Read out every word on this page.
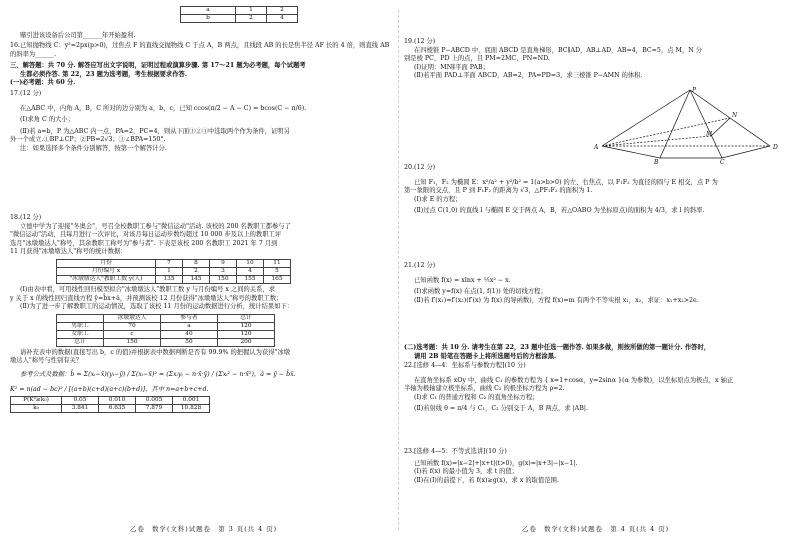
a	1	2
b	2	4

赌引进该设备后公司第______年开始盈利.

16.已知抛物线 C：y²=2px(p>0)，过焦点 F 的直线交抛物线 C 于点 A，B 两点，且线段 AB 的长是焦半径 AF 长的 4 倍，则直线 AB 的斜率为______.

三、解答题：共 70 分. 解答应写出文字说明，证明过程或演算步骤. 第 17～21 题为必考题，每个试题考

生都必须作答. 第 22，23 题为选考题，考生根据要求作答.

(一)必考题：共 60 分.

17.(12 分)

在△ABC 中，内角 A，B，C 所对的边分别为 a，b，c，已知 ccos(π/2 − A − C) = bcos(C − π/6).

(Ⅰ)求角 C 的大小；

(Ⅱ)若 a=b，P 为△ABC 内一点，PA=2，PC=4，则从下面①②③中选取两个作为条件，证明另

外一个成立.①BP⊥CP；②PB=2√3；③∠BPA=150°.

注：如果选择多个条件分别解答，按第一个解答计分.

18.(12 分)

立德中学为了迎接"冬奥会"，号召全校教职工参与"微信运动"活动. 该校的 200 名教职工都参与了

"微信运动"活动，且每月进行一次评比，对该月每日运动步数均超过 10 000 步及以上的教职工评

选月"冰墩墩达人"称号，其余教职工称号为"参与者". 下表是该校 200 名教职工 2021 年 7 月到

11 月获得"冰墩墩达人"称号的统计数据：

月份	7	8	9	10	11
月份编号 x	1	2	3	4	5
"冰墩墩达人"教职工数 y(人)	135	145	150	155	165

(Ⅰ)由表中看，可用线性回归模型拟合"冰墩墩达人"教职工数 y 与月份编号 x 之间的关系，求

y 关于 x 的线性回归直线方程 ŷ=b̂x+â，并预测该校 12 月份获得"冰墩墩达人"称号的教职工数；

(Ⅱ)为了进一步了解教职工的运动情况，选取了该校 11 月份的运动数据进行分析，统计结果如下：

	冰墩墩达人	参与者	总计
男职工	70	a	120
女职工	c	40	120
总计	150	50	200

请补充表中的数据(直接写出 b，c 的值)并根据表中数据判断是否有 99.9% 的把握认为获得"冰墩

墩达人"称号与性别有关？

参考公式及数据：b̂ = Σ(xᵢ−x̄)(yᵢ−ȳ) / Σ(xᵢ−x̄)² = (Σxᵢyᵢ − n·x̄·ȳ) / (Σxᵢ² − n·x̄²)，â = ȳ − b̂x̄.

K² = n(ad − bc)² / [(a+b)(c+d)(a+c)(b+d)]，其中 n=a+b+c+d.

P(K²≥k₀)	0.05	0.010	0.005	0.001
k₀	3.841	6.635	7.879	10.828
乙卷　数学(文科)试题卷　第 3 页(共 4 页)

19.(12 分)

在四棱锥 P−ABCD 中，底面 ABCD 是直角梯形，BC∥AD，AB⊥AD，AB=4，BC=5，点 M，N 分

别是棱 PC，PD 上的点，且 PM=2MC，PN=ND.

(Ⅰ)证明：MN∥平面 PAB；

(Ⅱ)若平面 PAD⊥平面 ABCD，AB=2，PA=PD=3，求三棱锥 P−AMN 的体积.

P
A
B	C
D
M
N

20.(12 分)

已知 F₁，F₂ 为椭圆 E：x²/a² + y²/b² = 1(a>b>0) 的左、右焦点，以 F₁F₂ 为直径的圆与 E 相交，点 P 为

第一象限的交点，且 P 到 F₁F₂ 的距离为 √3，△PF₁F₂ 的面积为 1.

(Ⅰ)求 E 的方程；

(Ⅱ)过点 C(1,0) 的直线 l 与椭圆 E 交于两点 A，B，若△OABO 为坐标原点)的面积为 4/3，求 l 的斜率.

21.(12 分)

已知函数 f(x) = xlnx + ½x² − x.

(Ⅰ)求函数 y=f(x) 在点(1, f(1)) 处的切线方程；

(Ⅱ)若 f′(x₁)=f′(x₂)(f′(x) 为 f(x) 的导函数)，方程 f(x)=m 有两个不等实根 x₁，x₂，求证：x₁+x₂>2e.

(二)选考题：共 10 分. 请考生在第 22，23 题中任选一题作答. 如果多做，则按所做的第一题计分. 作答时，

请用 2B 铅笔在答题卡上将所选题号后的方框涂黑.

22.[选修 4—4：坐标系与参数方程](10 分)

在直角坐标系 xOy 中，曲线 C₁ 的参数方程为 { x=1+cosα，y=2sinα }(α 为参数)，以坐标原点为极点，x 轴正

半轴为极轴建立极坐标系，曲线 C₂ 的极坐标方程为 ρ=2.

(Ⅰ)求 C₁ 的普通方程和 C₂ 的直角坐标方程；

(Ⅱ)若射线 θ = π/4 与 C₁，C₂ 分别交于 A，B 两点，求 |AB|.

23.[选修 4—5：不等式选讲](10 分)

已知函数 f(x)=|x−2|+|x+t|(t>0)，g(x)=|x+3|−|x−1|.

(Ⅰ)若 f(x) 的最小值为 3，求 t 的值；

(Ⅱ)在(Ⅰ)的前提下，若 f(x)≥g(x)，求 x 的取值范围.

乙卷　数学(文科)试题卷　第 4 页(共 4 页)
